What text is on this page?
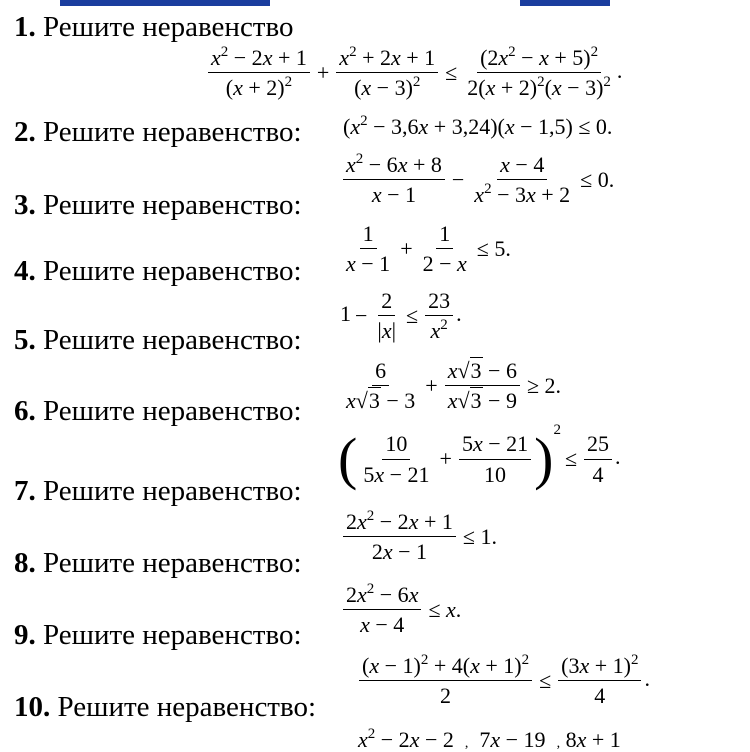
1. Решите неравенство
$\frac{x^2 - 2x + 1}{(x + 2)^2} + \frac{x^2 + 2x + 1}{(x - 3)^2} \le \frac{(2x^2 - x + 5)^2}{2(x + 2)^2(x - 3)^2}$ .
2. Решите неравенство: $(x^2 - 3,6x + 3,24)(x - 1,5) \le 0$.
3. Решите неравенство: $\frac{x^2 - 6x + 8}{x - 1} - \frac{x - 4}{x^2 - 3x + 2} \le 0$.
4. Решите неравенство: $\frac{1}{x - 1} + \frac{1}{2 - x} \le 5$.
5. Решите неравенство:
$1 - \frac{2}{|x|} \le \frac{23}{x^2}$ .
6. Решите неравенство: $\frac{6}{x√3 - 3} + \frac{x√3 - 6}{x√3 - 9} \ge 2$.
7. Решите неравенство: ( $\frac{10}{5x - 21} + \frac{5x - 21}{10} )^2\le \frac{25}{4}$ .
8. Решите неравенство: $\frac{2x^2 - 2x + 1}{2x - 1} \le 1$.
9. Решите неравенство: $\frac{2x^2 - 6x}{x - 4} \le x$.
10. Решите неравенство: $\frac{(x - 1)^2 + 4(x + 1)^2}{2} \le \frac{(3x + 1)^2}{4}$ .
$x^2 - 2x - 2$  ,  7x − 19  , 8x + 1
